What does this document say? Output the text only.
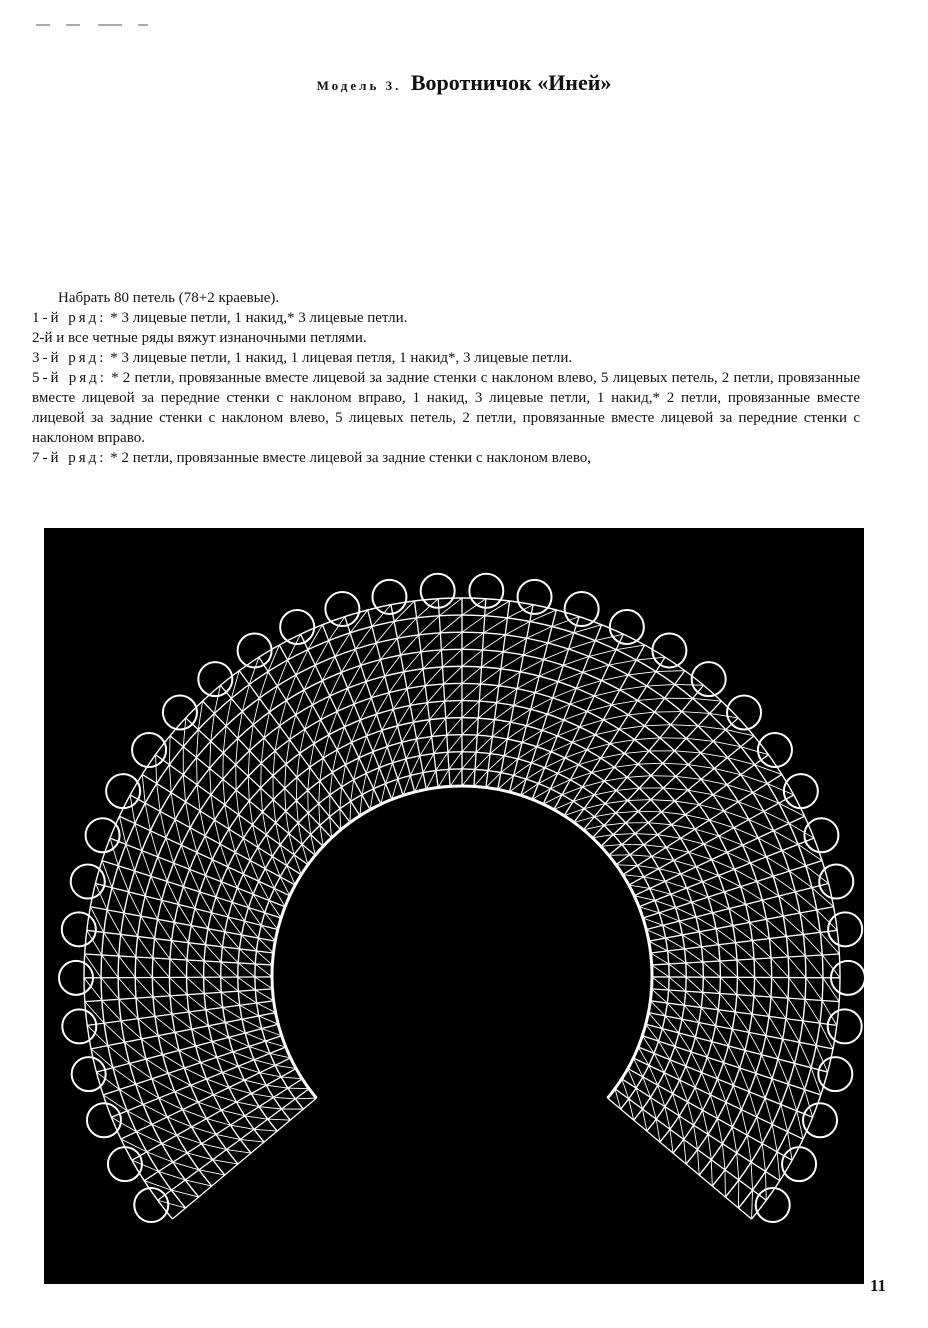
Модель 3. Воротничок «Иней»

Набрать 80 петель (78+2 краевые).

1-й ряд: * 3 лицевые петли, 1 накид,* 3 лицевые петли.

2-й и все четные ряды вяжут изнаночными петлями.

3-й ряд: * 3 лицевые петли, 1 накид, 1 лицевая петля, 1 накид*, 3 лицевые петли.

5-й ряд: * 2 петли, провязанные вместе лицевой за задние стенки с наклоном влево, 5 лицевых петель, 2 петли, провязанные вместе лицевой за передние стенки с наклоном вправо, 1 накид, 3 лицевые петли, 1 накид,* 2 петли, провязанные вместе лицевой за задние стенки с наклоном влево, 5 лицевых петель, 2 петли, провязанные вместе лицевой за передние стенки с наклоном вправо.

7-й ряд: * 2 петли, провязанные вместе лицевой за задние стенки с наклоном влево,

11
